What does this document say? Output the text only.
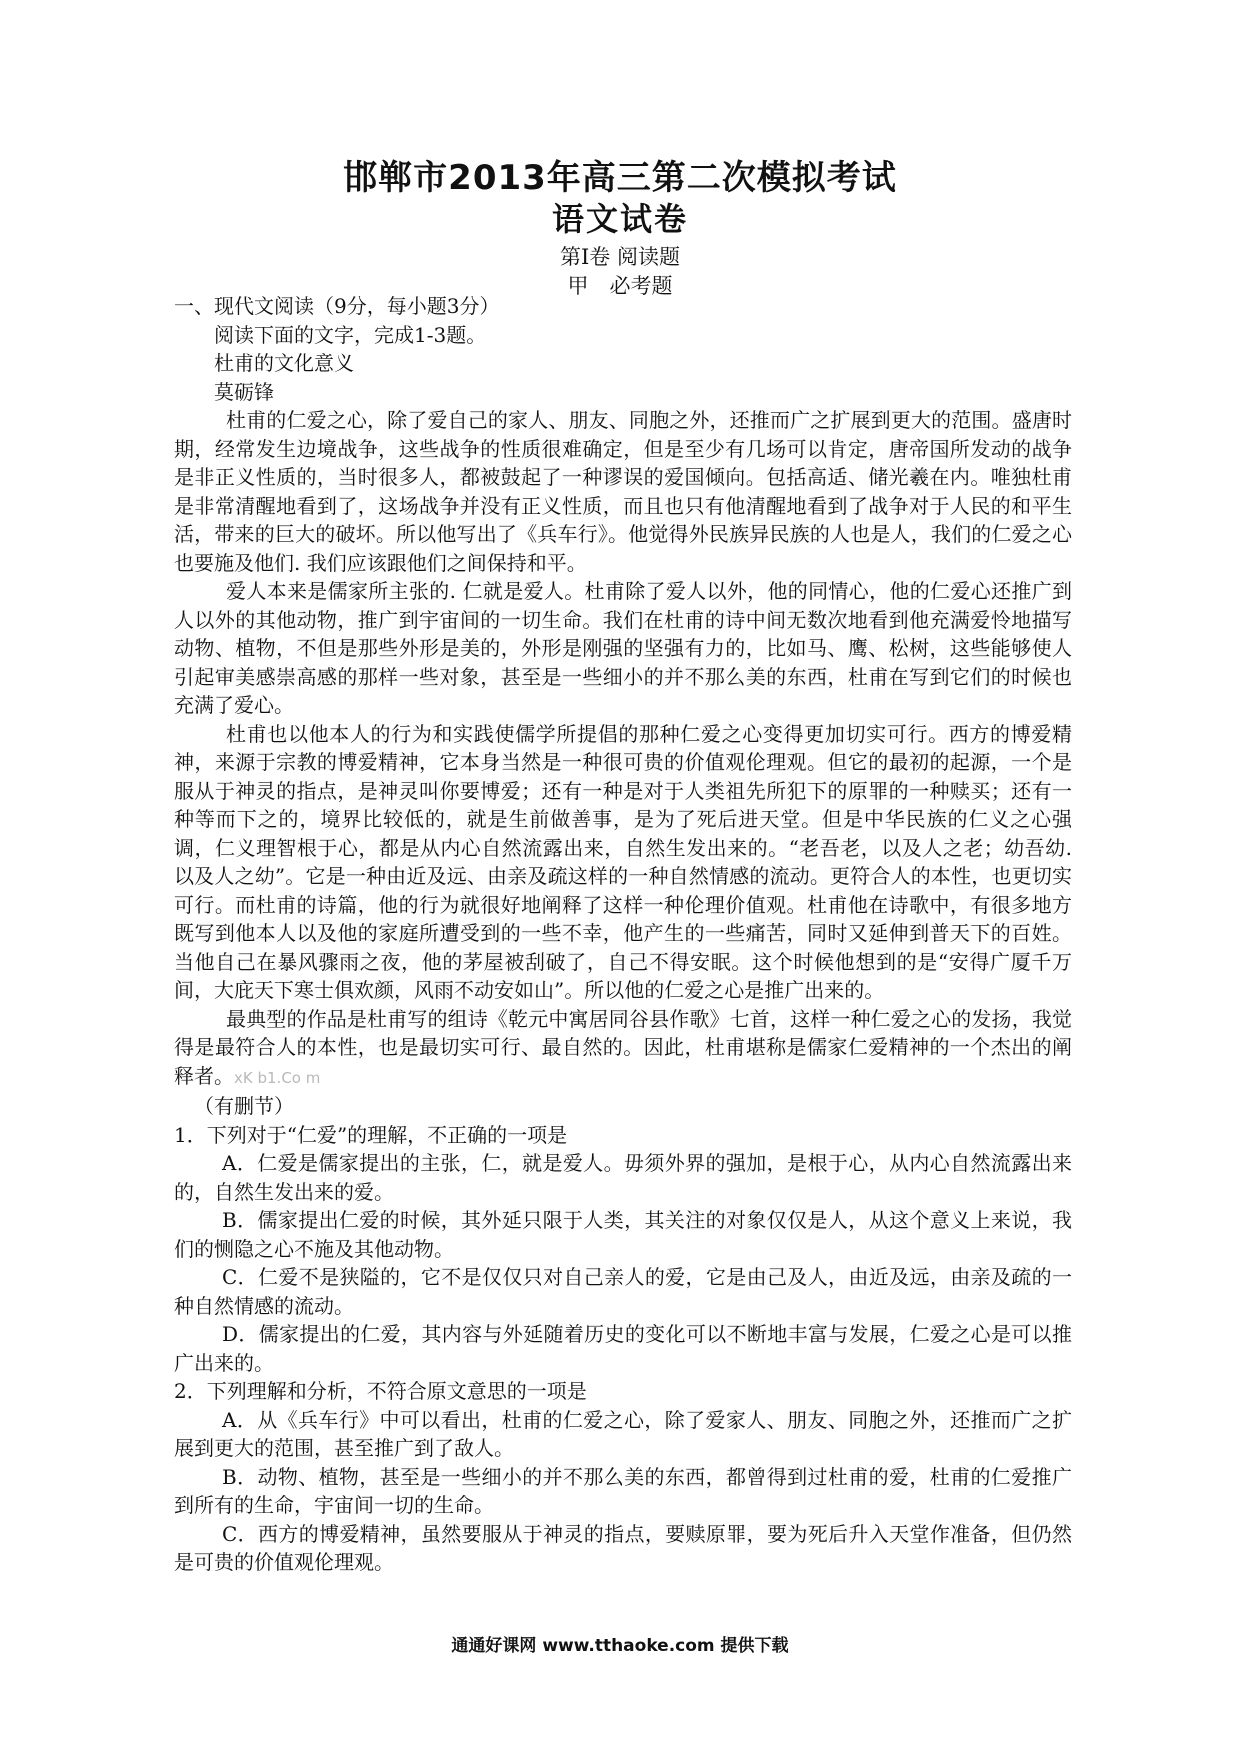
邯郸市2013年高三第二次模拟考试
语文试卷
第Ⅰ卷 阅读题
甲　必考题

一、现代文阅读（9分，每小题3分）

阅读下面的文字，完成1-3题。

杜甫的文化意义

莫砺锋

杜甫的仁爱之心，除了爱自己的家人、朋友、同胞之外，还推而广之扩展到更大的范围。盛唐时期，经常发生边境战争，这些战争的性质很难确定，但是至少有几场可以肯定，唐帝国所发动的战争是非正义性质的，当时很多人，都被鼓起了一种谬误的爱国倾向。包括高适、储光羲在内。唯独杜甫是非常清醒地看到了，这场战争并没有正义性质，而且也只有他清醒地看到了战争对于人民的和平生活，带来的巨大的破坏。所以他写出了《兵车行》。他觉得外民族异民族的人也是人，我们的仁爱之心也要施及他们. 我们应该跟他们之间保持和平。

爱人本来是儒家所主张的. 仁就是爱人。杜甫除了爱人以外，他的同情心，他的仁爱心还推广到人以外的其他动物，推广到宇宙间的一切生命。我们在杜甫的诗中间无数次地看到他充满爱怜地描写动物、植物，不但是那些外形是美的，外形是刚强的坚强有力的，比如马、鹰、松树，这些能够使人引起审美感崇高感的那样一些对象，甚至是一些细小的并不那么美的东西，杜甫在写到它们的时候也充满了爱心。

杜甫也以他本人的行为和实践使儒学所提倡的那种仁爱之心变得更加切实可行。西方的博爱精神，来源于宗教的博爱精神，它本身当然是一种很可贵的价值观伦理观。但它的最初的起源，一个是服从于神灵的指点，是神灵叫你要博爱；还有一种是对于人类祖先所犯下的原罪的一种赎买；还有一种等而下之的，境界比较低的，就是生前做善事，是为了死后进天堂。但是中华民族的仁义之心强调，仁义理智根于心，都是从内心自然流露出来，自然生发出来的。“老吾老，以及人之老；幼吾幼. 以及人之幼”。它是一种由近及远、由亲及疏这样的一种自然情感的流动。更符合人的本性，也更切实可行。而杜甫的诗篇，他的行为就很好地阐释了这样一种伦理价值观。杜甫他在诗歌中，有很多地方既写到他本人以及他的家庭所遭受到的一些不幸，他产生的一些痛苦，同时又延伸到普天下的百姓。当他自己在暴风骤雨之夜，他的茅屋被刮破了，自己不得安眠。这个时候他想到的是“安得广厦千万间，大庇天下寒士俱欢颜，风雨不动安如山”。所以他的仁爱之心是推广出来的。

最典型的作品是杜甫写的组诗《乾元中寓居同谷县作歌》七首，这样一种仁爱之心的发扬，我觉得是最符合人的本性，也是最切实可行、最自然的。因此，杜甫堪称是儒家仁爱精神的一个杰出的阐释者。xK b1.Co m

（有删节）

1．下列对于“仁爱”的理解，不正确的一项是

A．仁爱是儒家提出的主张，仁，就是爱人。毋须外界的强加，是根于心，从内心自然流露出来的，自然生发出来的爱。

B．儒家提出仁爱的时候，其外延只限于人类，其关注的对象仅仅是人，从这个意义上来说，我们的恻隐之心不施及其他动物。

C．仁爱不是狭隘的，它不是仅仅只对自己亲人的爱，它是由己及人，由近及远，由亲及疏的一种自然情感的流动。

D．儒家提出的仁爱，其内容与外延随着历史的变化可以不断地丰富与发展，仁爱之心是可以推广出来的。

2．下列理解和分析，不符合原文意思的一项是

A．从《兵车行》中可以看出，杜甫的仁爱之心，除了爱家人、朋友、同胞之外，还推而广之扩展到更大的范围，甚至推广到了敌人。

B．动物、植物，甚至是一些细小的并不那么美的东西，都曾得到过杜甫的爱，杜甫的仁爱推广到所有的生命，宇宙间一切的生命。

C．西方的博爱精神，虽然要服从于神灵的指点，要赎原罪，要为死后升入天堂作准备，但仍然是可贵的价值观伦理观。

通通好课网 www.tthaoke.com 提供下载
